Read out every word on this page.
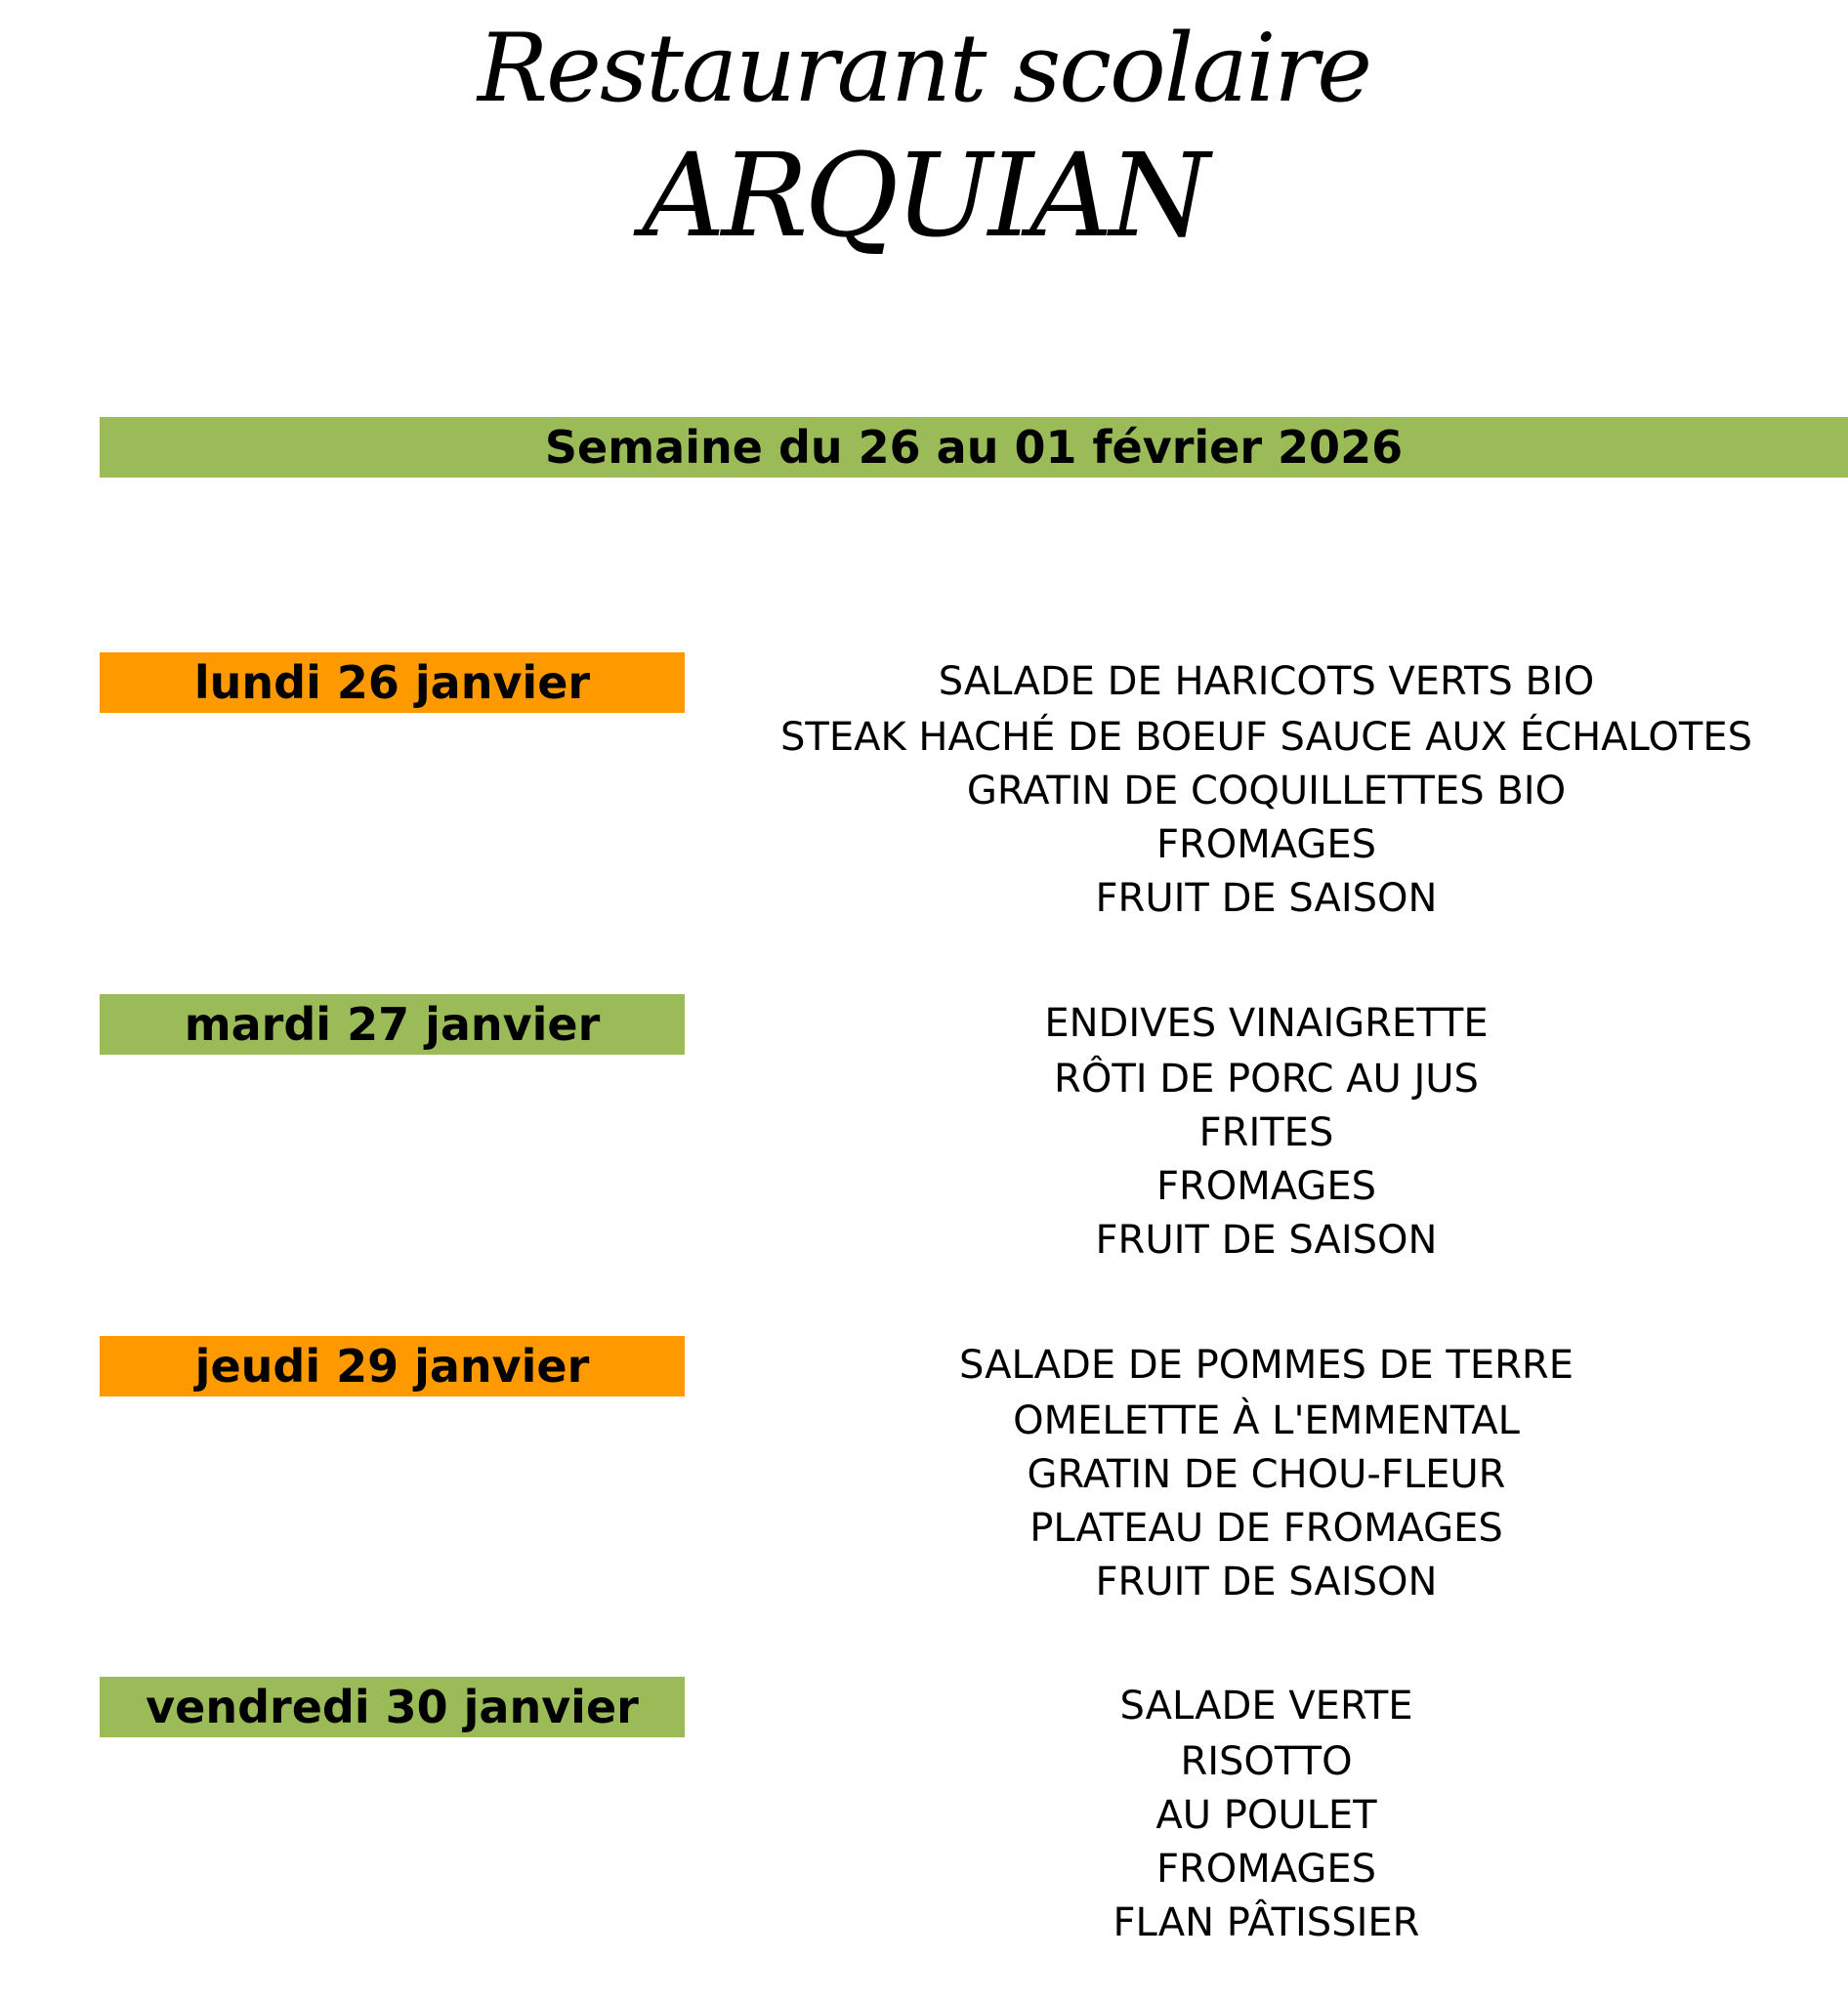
Restaurant scolaire
ARQUIAN
Semaine du 26 au 01 février 2026
lundi 26 janvier	SALADE DE HARICOTS VERTS BIO
STEAK HACHÉ DE BOEUF SAUCE AUX ÉCHALOTES
GRATIN DE COQUILLETTES BIO
FROMAGES
FRUIT DE SAISON
mardi 27 janvier	ENDIVES VINAIGRETTE
RÔTI DE PORC AU JUS
FRITES
FROMAGES
FRUIT DE SAISON
jeudi 29 janvier	SALADE DE POMMES DE TERRE
OMELETTE À L'EMMENTAL
GRATIN DE CHOU-FLEUR
PLATEAU DE FROMAGES
FRUIT DE SAISON
vendredi 30 janvier	SALADE VERTE
RISOTTO
AU POULET
FROMAGES
FLAN PÂTISSIER
